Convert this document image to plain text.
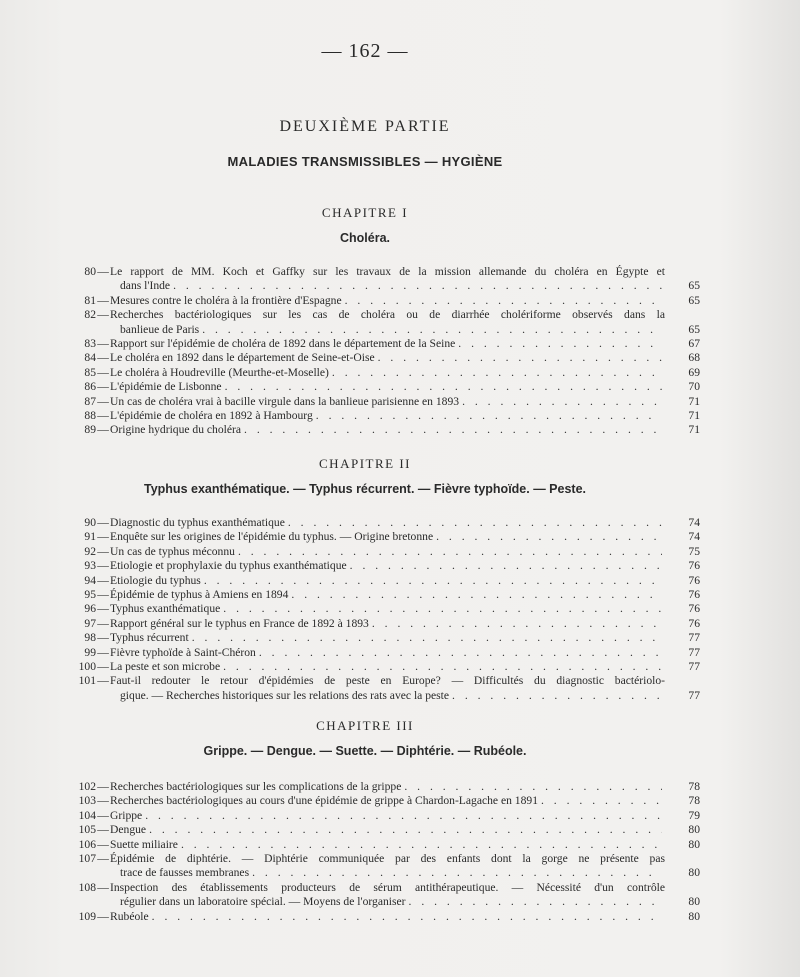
— 162 —
DEUXIÈME PARTIE
MALADIES TRANSMISSIBLES — HYGIÈNE
CHAPITRE I
Choléra.
80 — Le rapport de MM. Koch et Gaffky sur les travaux de la mission allemande du choléra en Égypte et
dans l'Inde . . .	65
81 — Mesures contre le choléra à la frontière d'Espagne . . .	65
82 — Recherches bactériologiques sur les cas de choléra ou de diarrhée cholériforme observés dans la
banlieue de Paris . . .	65
83 — Rapport sur l'épidémie de choléra de 1892 dans le département de la Seine . . .	67
84 — Le choléra en 1892 dans le département de Seine-et-Oise . . .	68
85 — Le choléra à Houdreville (Meurthe-et-Moselle) . . .	69
86 — L'épidémie de Lisbonne . . .	70
87 — Un cas de choléra vrai à bacille virgule dans la banlieue parisienne en 1893 . . .	71
88 — L'épidémie de choléra en 1892 à Hambourg . . .	71
89 — Origine hydrique du choléra . . .	71
CHAPITRE II
Typhus exanthématique. — Typhus récurrent. — Fièvre typhoïde. — Peste.
90 — Diagnostic du typhus exanthématique . . .	74
91 — Enquête sur les origines de l'épidémie du typhus. — Origine bretonne . . .	74
92 — Un cas de typhus méconnu . . .	75
93 — Etiologie et prophylaxie du typhus exanthématique . . .	76
94 — Etiologie du typhus . . .	76
95 — Épidémie de typhus à Amiens en 1894 . . .	76
96 — Typhus exanthématique . . .	76
97 — Rapport général sur le typhus en France de 1892 à 1893 . . .	76
98 — Typhus récurrent . . .	77
99 — Fièvre typhoïde à Saint-Chéron . . .	77
100 — La peste et son microbe . . .	77
101 — Faut-il redouter le retour d'épidémies de peste en Europe? — Difficultés du diagnostic bactériolo-
gique. — Recherches historiques sur les relations des rats avec la peste . . .	77
CHAPITRE III
Grippe. — Dengue. — Suette. — Diphtérie. — Rubéole.
102 — Recherches bactériologiques sur les complications de la grippe . . .	78
103 — Recherches bactériologiques au cours d'une épidémie de grippe à Chardon-Lagache en 1891 . . .	78
104 — Grippe . . .	79
105 — Dengue . . .	80
106 — Suette miliaire . . .	80
107 — Épidémie de diphtérie. — Diphtérie communiquée par des enfants dont la gorge ne présente pas
trace de fausses membranes . . .	80
108 — Inspection des établissements producteurs de sérum antithérapeutique. — Nécessité d'un contrôle
régulier dans un laboratoire spécial. — Moyens de l'organiser . . .	80
109 — Rubéole . . .	80
